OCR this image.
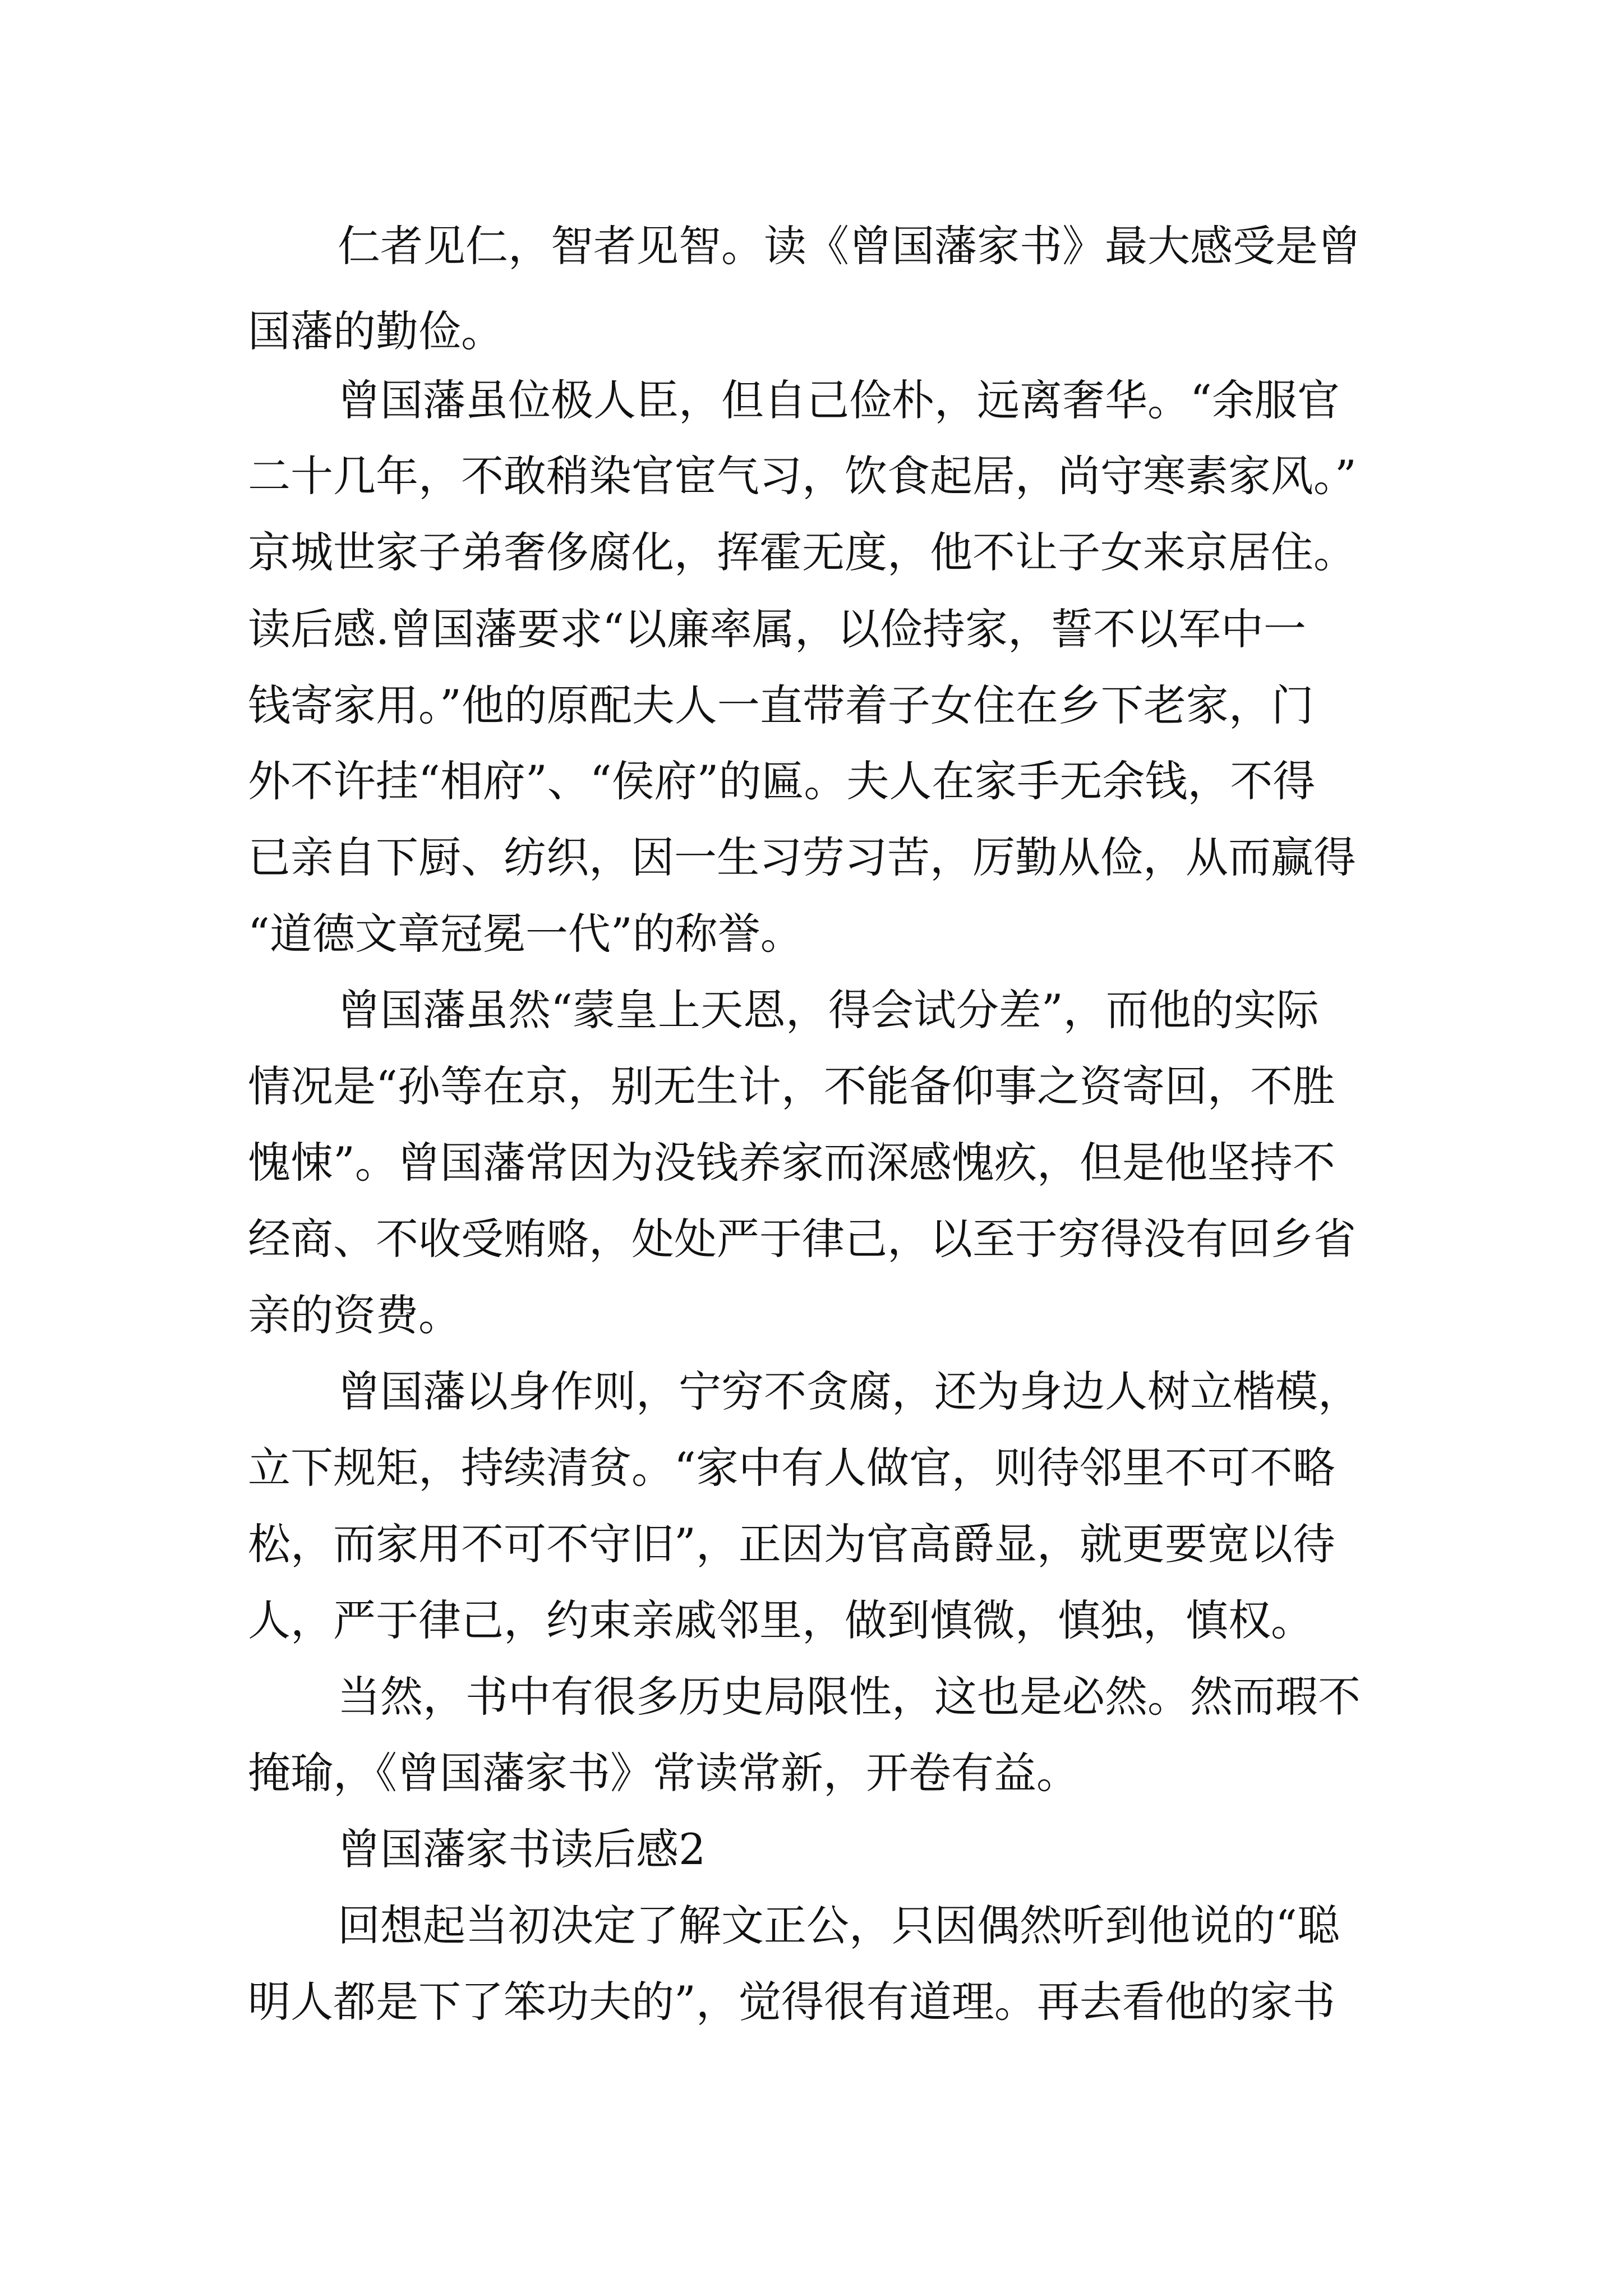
仁者见仁，智者见智。读《曾国藩家书》最大感受是曾
国藩的勤俭。
曾国藩虽位极人臣，但自己俭朴，远离奢华。“余服官
二十几年，不敢稍染官宦气习，饮食起居，尚守寒素家风。”
京城世家子弟奢侈腐化，挥霍无度，他不让子女来京居住。
读后感.曾国藩要求“以廉率属，以俭持家，誓不以军中一
钱寄家用。”他的原配夫人一直带着子女住在乡下老家，门
外不许挂“相府”、“侯府”的匾。夫人在家手无余钱，不得
已亲自下厨、纺织，因一生习劳习苦，厉勤从俭，从而赢得
“道德文章冠冕一代”的称誉。
曾国藩虽然“蒙皇上天恩，得会试分差”，而他的实际
情况是“孙等在京，别无生计，不能备仰事之资寄回，不胜
愧悚”。曾国藩常因为没钱养家而深感愧疚，但是他坚持不
经商、不收受贿赂，处处严于律己，以至于穷得没有回乡省
亲的资费。
曾国藩以身作则，宁穷不贪腐，还为身边人树立楷模，
立下规矩，持续清贫。“家中有人做官，则待邻里不可不略
松，而家用不可不守旧”，正因为官高爵显，就更要宽以待
人，严于律己，约束亲戚邻里，做到慎微，慎独，慎权。
当然，书中有很多历史局限性，这也是必然。然而瑕不
掩瑜，《曾国藩家书》常读常新，开卷有益。
曾国藩家书读后感2
回想起当初决定了解文正公，只因偶然听到他说的“聪
明人都是下了笨功夫的”，觉得很有道理。再去看他的家书
